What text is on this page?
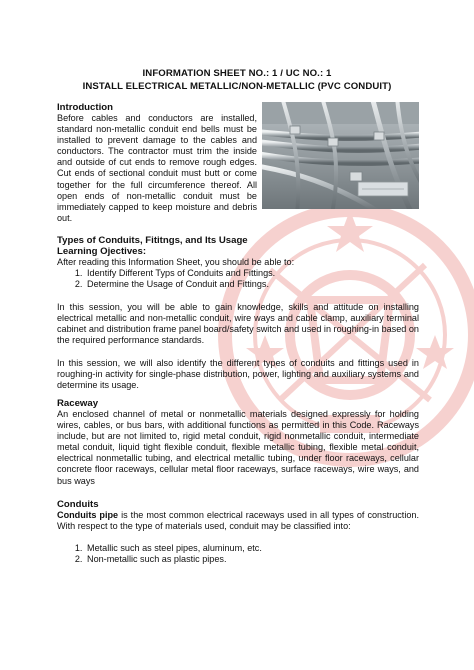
INFORMATION SHEET NO.: 1 / UC NO.: 1
INSTALL ELECTRICAL METALLIC/NON-METALLIC (PVC CONDUIT)
Introduction

Before cables and conductors are installed, standard non-metallic conduit end bells must be installed to prevent damage to the cables and conductors. The contractor must trim the inside and outside of cut ends to remove rough edges. Cut ends of sectional conduit must butt or come together for the full circumference thereof. All open ends of non-metallic conduit must be immediately capped to keep moisture and debris out.

Types of Conduits, Fititngs, and Its Usage
Learning Ojectives:

After reading this Information Sheet, you should be able to:

1. Identify Different Typs of Conduits and Fittings.
2. Determine the Usage of Conduit and Fittings.

In this session, you will be able to gain knowledge, skills and attitude on installing electrical metallic and non-metallic conduit, wire ways and cable clamp, auxiliary terminal cabinet and distribution frame panel board/safety switch and used in roughing-in based on the required performance standards.

In this session, we will also identify the different types of conduits and fittings used in roughing-in activity for single-phase distribution, power, lighting and auxiliary systems and determine its usage.

Raceway

An enclosed channel of metal or nonmetallic materials designed expressly for holding wires, cables, or bus bars, with additional functions as permitted in this Code. Raceways include, but are not limited to, rigid metal conduit, rigid nonmetallic conduit, intermediate metal conduit, liquid tight flexible conduit, flexible metallic tubing, flexible metal conduit, electrical nonmetallic tubing, and electrical metallic tubing, under floor raceways, cellular concrete floor raceways, cellular metal floor raceways, surface raceways, wire ways, and bus ways

Conduits

Conduits pipe is the most common electrical raceways used in all types of construction. With respect to the type of materials used, conduit may be classified into:

1. Metallic such as steel pipes, aluminum, etc.
2. Non-metallic such as plastic pipes.
